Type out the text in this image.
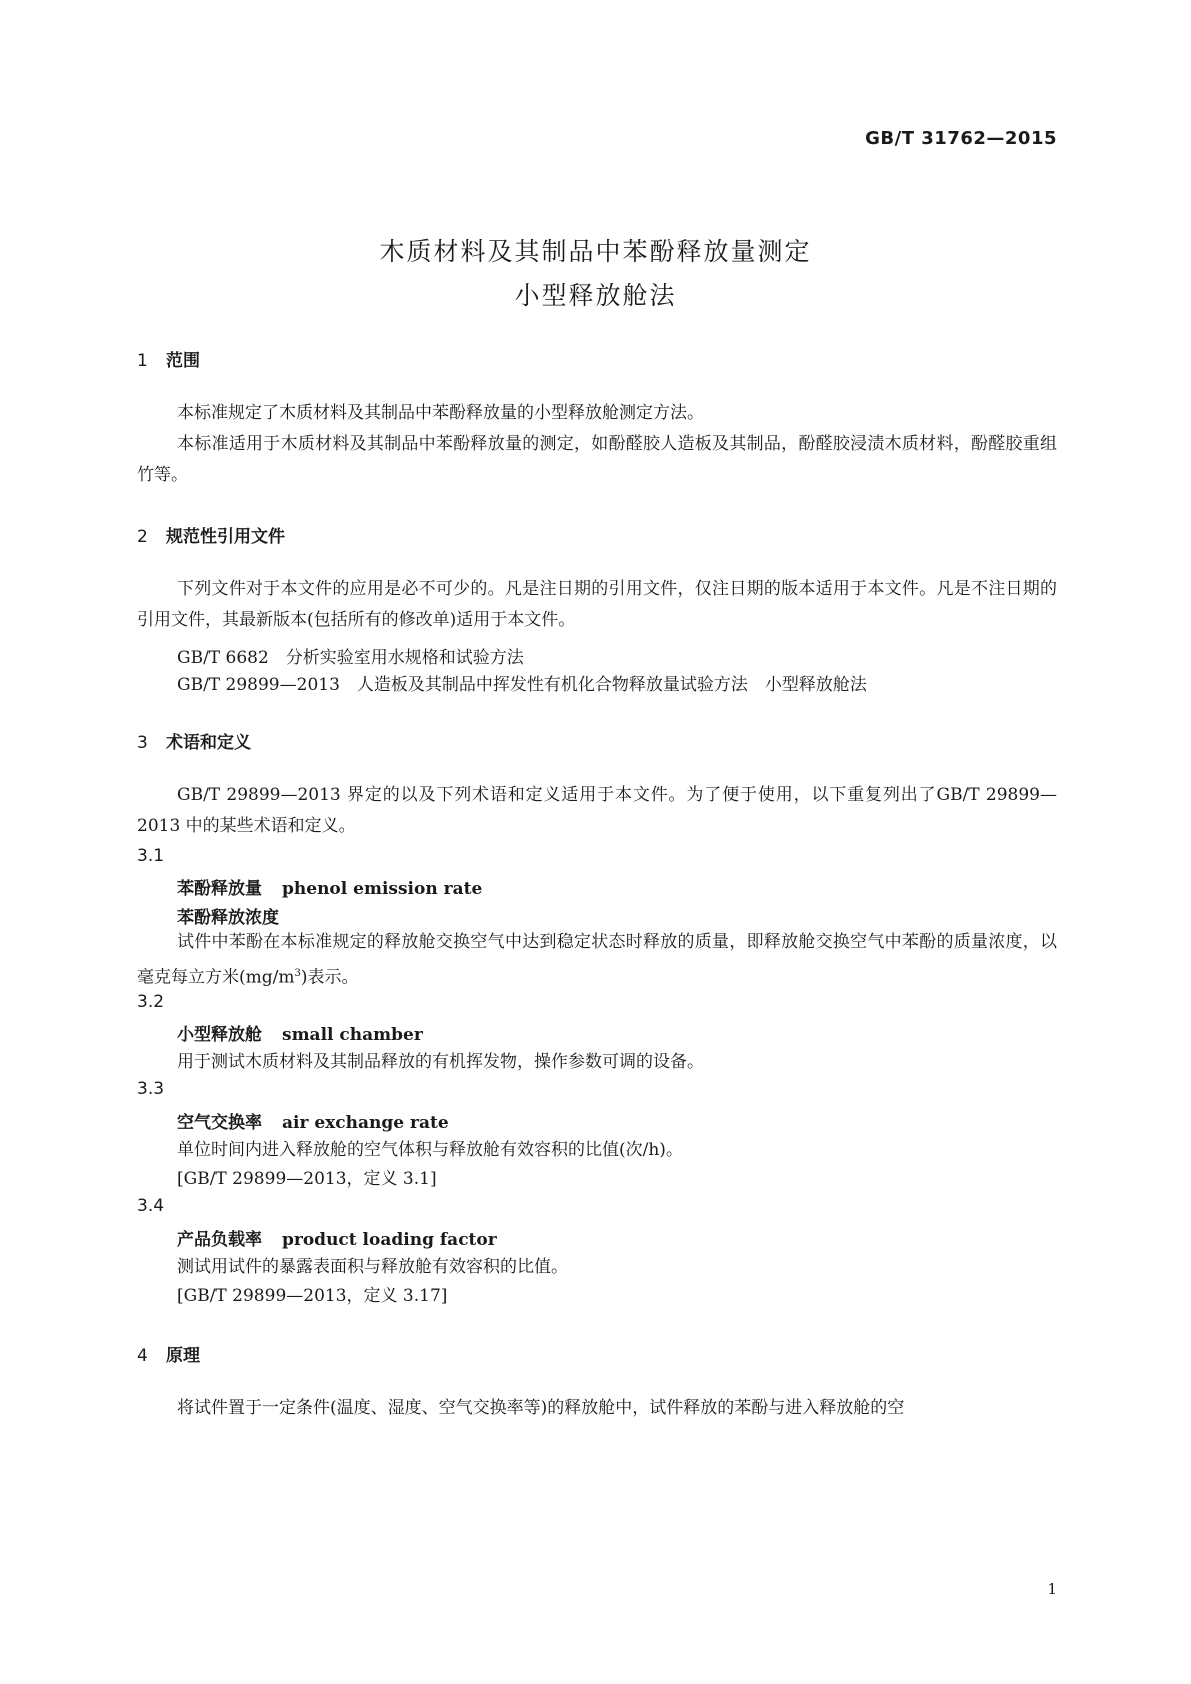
GB/T 31762—2015
木质材料及其制品中苯酚释放量测定
小型释放舱法
1 范围

本标准规定了木质材料及其制品中苯酚释放量的小型释放舱测定方法。

本标准适用于木质材料及其制品中苯酚释放量的测定，如酚醛胶人造板及其制品，酚醛胶浸渍木质材料，酚醛胶重组竹等。

2 规范性引用文件

下列文件对于本文件的应用是必不可少的。凡是注日期的引用文件，仅注日期的版本适用于本文件。凡是不注日期的引用文件，其最新版本(包括所有的修改单)适用于本文件。

GB/T 6682　分析实验室用水规格和试验方法
GB/T 29899—2013　人造板及其制品中挥发性有机化合物释放量试验方法　小型释放舱法
3 术语和定义

GB/T 29899—2013 界定的以及下列术语和定义适用于本文件。为了便于使用，以下重复列出了GB/T 29899—2013 中的某些术语和定义。

3.1
苯酚释放量 phenol emission rate
苯酚释放浓度

试件中苯酚在本标准规定的释放舱交换空气中达到稳定状态时释放的质量，即释放舱交换空气中苯酚的质量浓度，以毫克每立方米$(mg/m^3)$表示。

3.2
小型释放舱 small chamber
用于测试木质材料及其制品释放的有机挥发物，操作参数可调的设备。
3.3
空气交换率 air exchange rate
单位时间内进入释放舱的空气体积与释放舱有效容积的比值(次/h)。
[GB/T 29899—2013，定义 3.1]
3.4
产品负载率 product loading factor
测试用试件的暴露表面积与释放舱有效容积的比值。
[GB/T 29899—2013，定义 3.17]
4 原理

将试件置于一定条件(温度、湿度、空气交换率等)的释放舱中，试件释放的苯酚与进入释放舱的空

1
